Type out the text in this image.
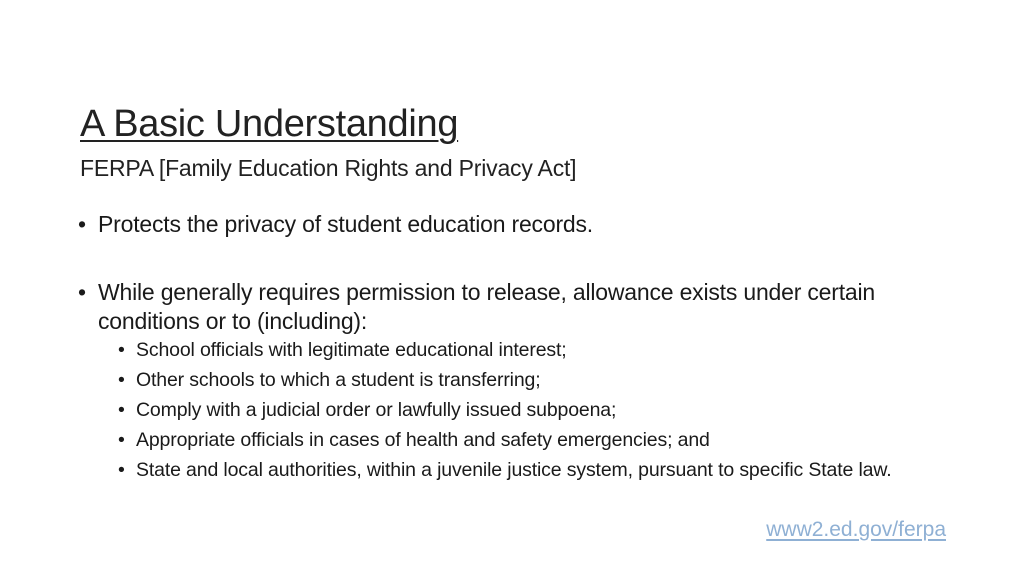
A Basic Understanding
FERPA [Family Education Rights and Privacy Act]
• Protects the privacy of student education records.
• While generally requires permission to release, allowance exists under certain conditions or to (including):
• School officials with legitimate educational interest;
• Other schools to which a student is transferring;
• Comply with a judicial order or lawfully issued subpoena;
• Appropriate officials in cases of health and safety emergencies; and
• State and local authorities, within a juvenile justice system, pursuant to specific State law.
www2.ed.gov/ferpa
